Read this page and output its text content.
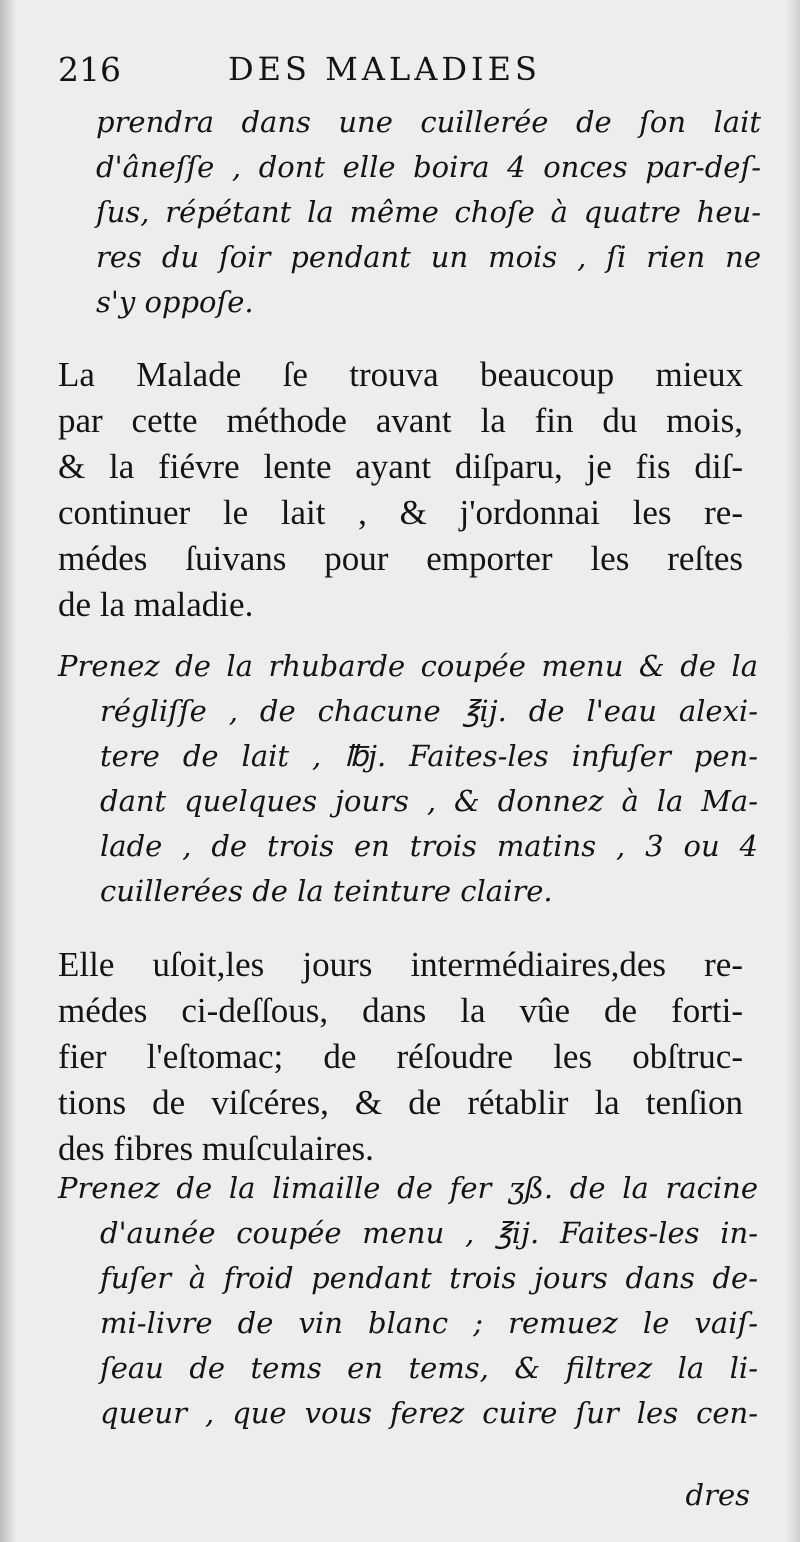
216	DES MALADIES
prendra dans une cuillerée de ſon lait
d'âneſſe , dont elle boira 4 onces par-deſ-
ſus, répétant la même choſe à quatre heu-
res du ſoir pendant un mois , ſi rien ne
s'y oppoſe.
La Malade ſe trouva beaucoup mieux
par cette méthode avant la fin du mois,
& la fiévre lente ayant diſparu, je fis diſ-
continuer le lait , & j'ordonnai les re-
médes ſuivans pour emporter les reſtes
de la maladie.
Prenez de la rhubarde coupée menu & de la
régliſſe , de chacune ℥ij. de l'eau alexi-
tere de lait , ℔j. Faites-les infuſer pen-
dant quelques jours , & donnez à la Ma-
lade , de trois en trois matins , 3 ou 4
cuillerées de la teinture claire.
Elle uſoit,les jours intermédiaires,des re-
médes ci-deſſous, dans la vûe de forti-
fier l'eſtomac; de réſoudre les obſtruc-
tions de viſcéres, & de rétablir la tenſion
des fibres muſculaires.
Prenez de la limaille de fer ʒß. de la racine
d'aunée coupée menu , ℥ij. Faites-les in-
fuſer à froid pendant trois jours dans de-
mi-livre de vin blanc ; remuez le vaiſ-
ſeau de tems en tems, & filtrez la li-
queur , que vous ferez cuire ſur les cen-
dres
